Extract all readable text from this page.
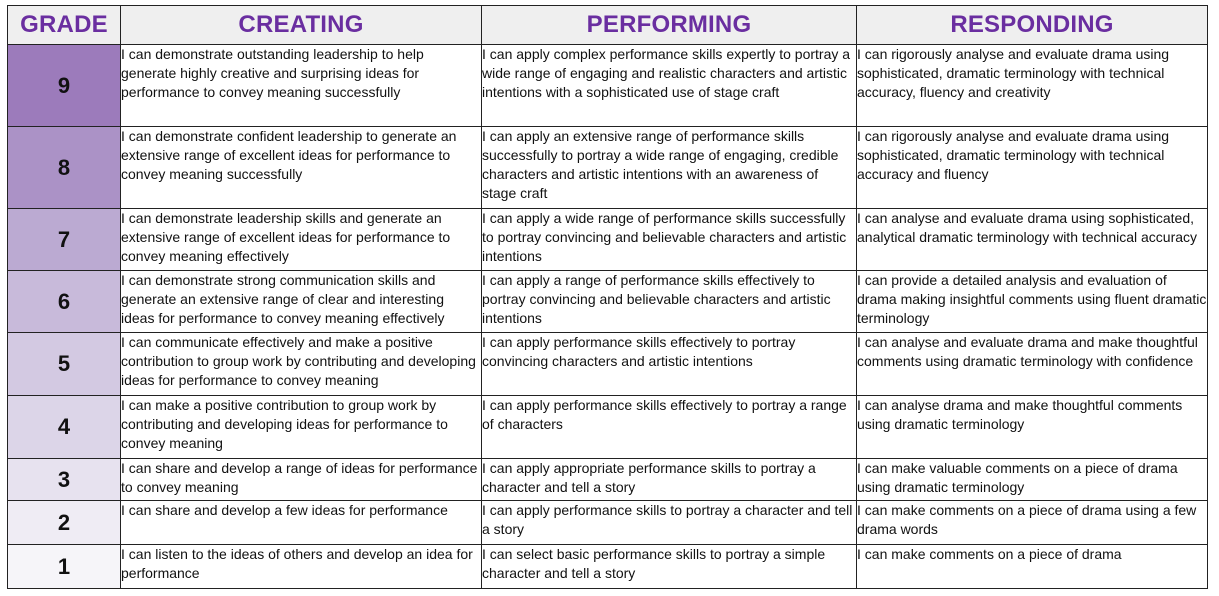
GRADE	CREATING	PERFORMING	RESPONDING
9	I can demonstrate outstanding leadership to help generate highly creative and surprising ideas for performance to convey meaning successfully	I can apply complex performance skills expertly to portray a wide range of engaging and realistic characters and artistic intentions with a sophisticated use of stage craft	I can rigorously analyse and evaluate drama using sophisticated, dramatic terminology with technical accuracy, fluency and creativity
8	I can demonstrate confident leadership to generate an extensive range of excellent ideas for performance to convey meaning successfully	I can apply an extensive range of performance skills successfully to portray a wide range of engaging, credible characters and artistic intentions with an awareness of stage craft	I can rigorously analyse and evaluate drama using sophisticated, dramatic terminology with technical accuracy and fluency
7	I can demonstrate leadership skills and generate an extensive range of excellent ideas for performance to convey meaning effectively	I can apply a wide range of performance skills successfully to portray convincing and believable characters and artistic intentions	I can analyse and evaluate drama using sophisticated, analytical dramatic terminology with technical accuracy
6	I can demonstrate strong communication skills and generate an extensive range of clear and interesting ideas for performance to convey meaning effectively	I can apply a range of performance skills effectively to portray convincing and believable characters and artistic intentions	I can provide a detailed analysis and evaluation of drama making insightful comments using fluent dramatic terminology
5	I can communicate effectively and make a positive contribution to group work by contributing and developing ideas for performance to convey meaning	I can apply performance skills effectively to portray convincing characters and artistic intentions	I can analyse and evaluate drama and make thoughtful comments using dramatic terminology with confidence
4	I can make a positive contribution to group work by contributing and developing ideas for performance to convey meaning	I can apply performance skills effectively to portray a range of characters	I can analyse drama and make thoughtful comments using dramatic terminology
3	I can share and develop a range of ideas for performance to convey meaning	I can apply appropriate performance skills to portray a character and tell a story	I can make valuable comments on a piece of drama using dramatic terminology
2	I can share and develop a few ideas for performance	I can apply performance skills to portray a character and tell a story	I can make comments on a piece of drama using a few drama words
1	I can listen to the ideas of others and develop an idea for performance	I can select basic performance skills to portray a simple character and tell a story	I can make comments on a piece of drama
